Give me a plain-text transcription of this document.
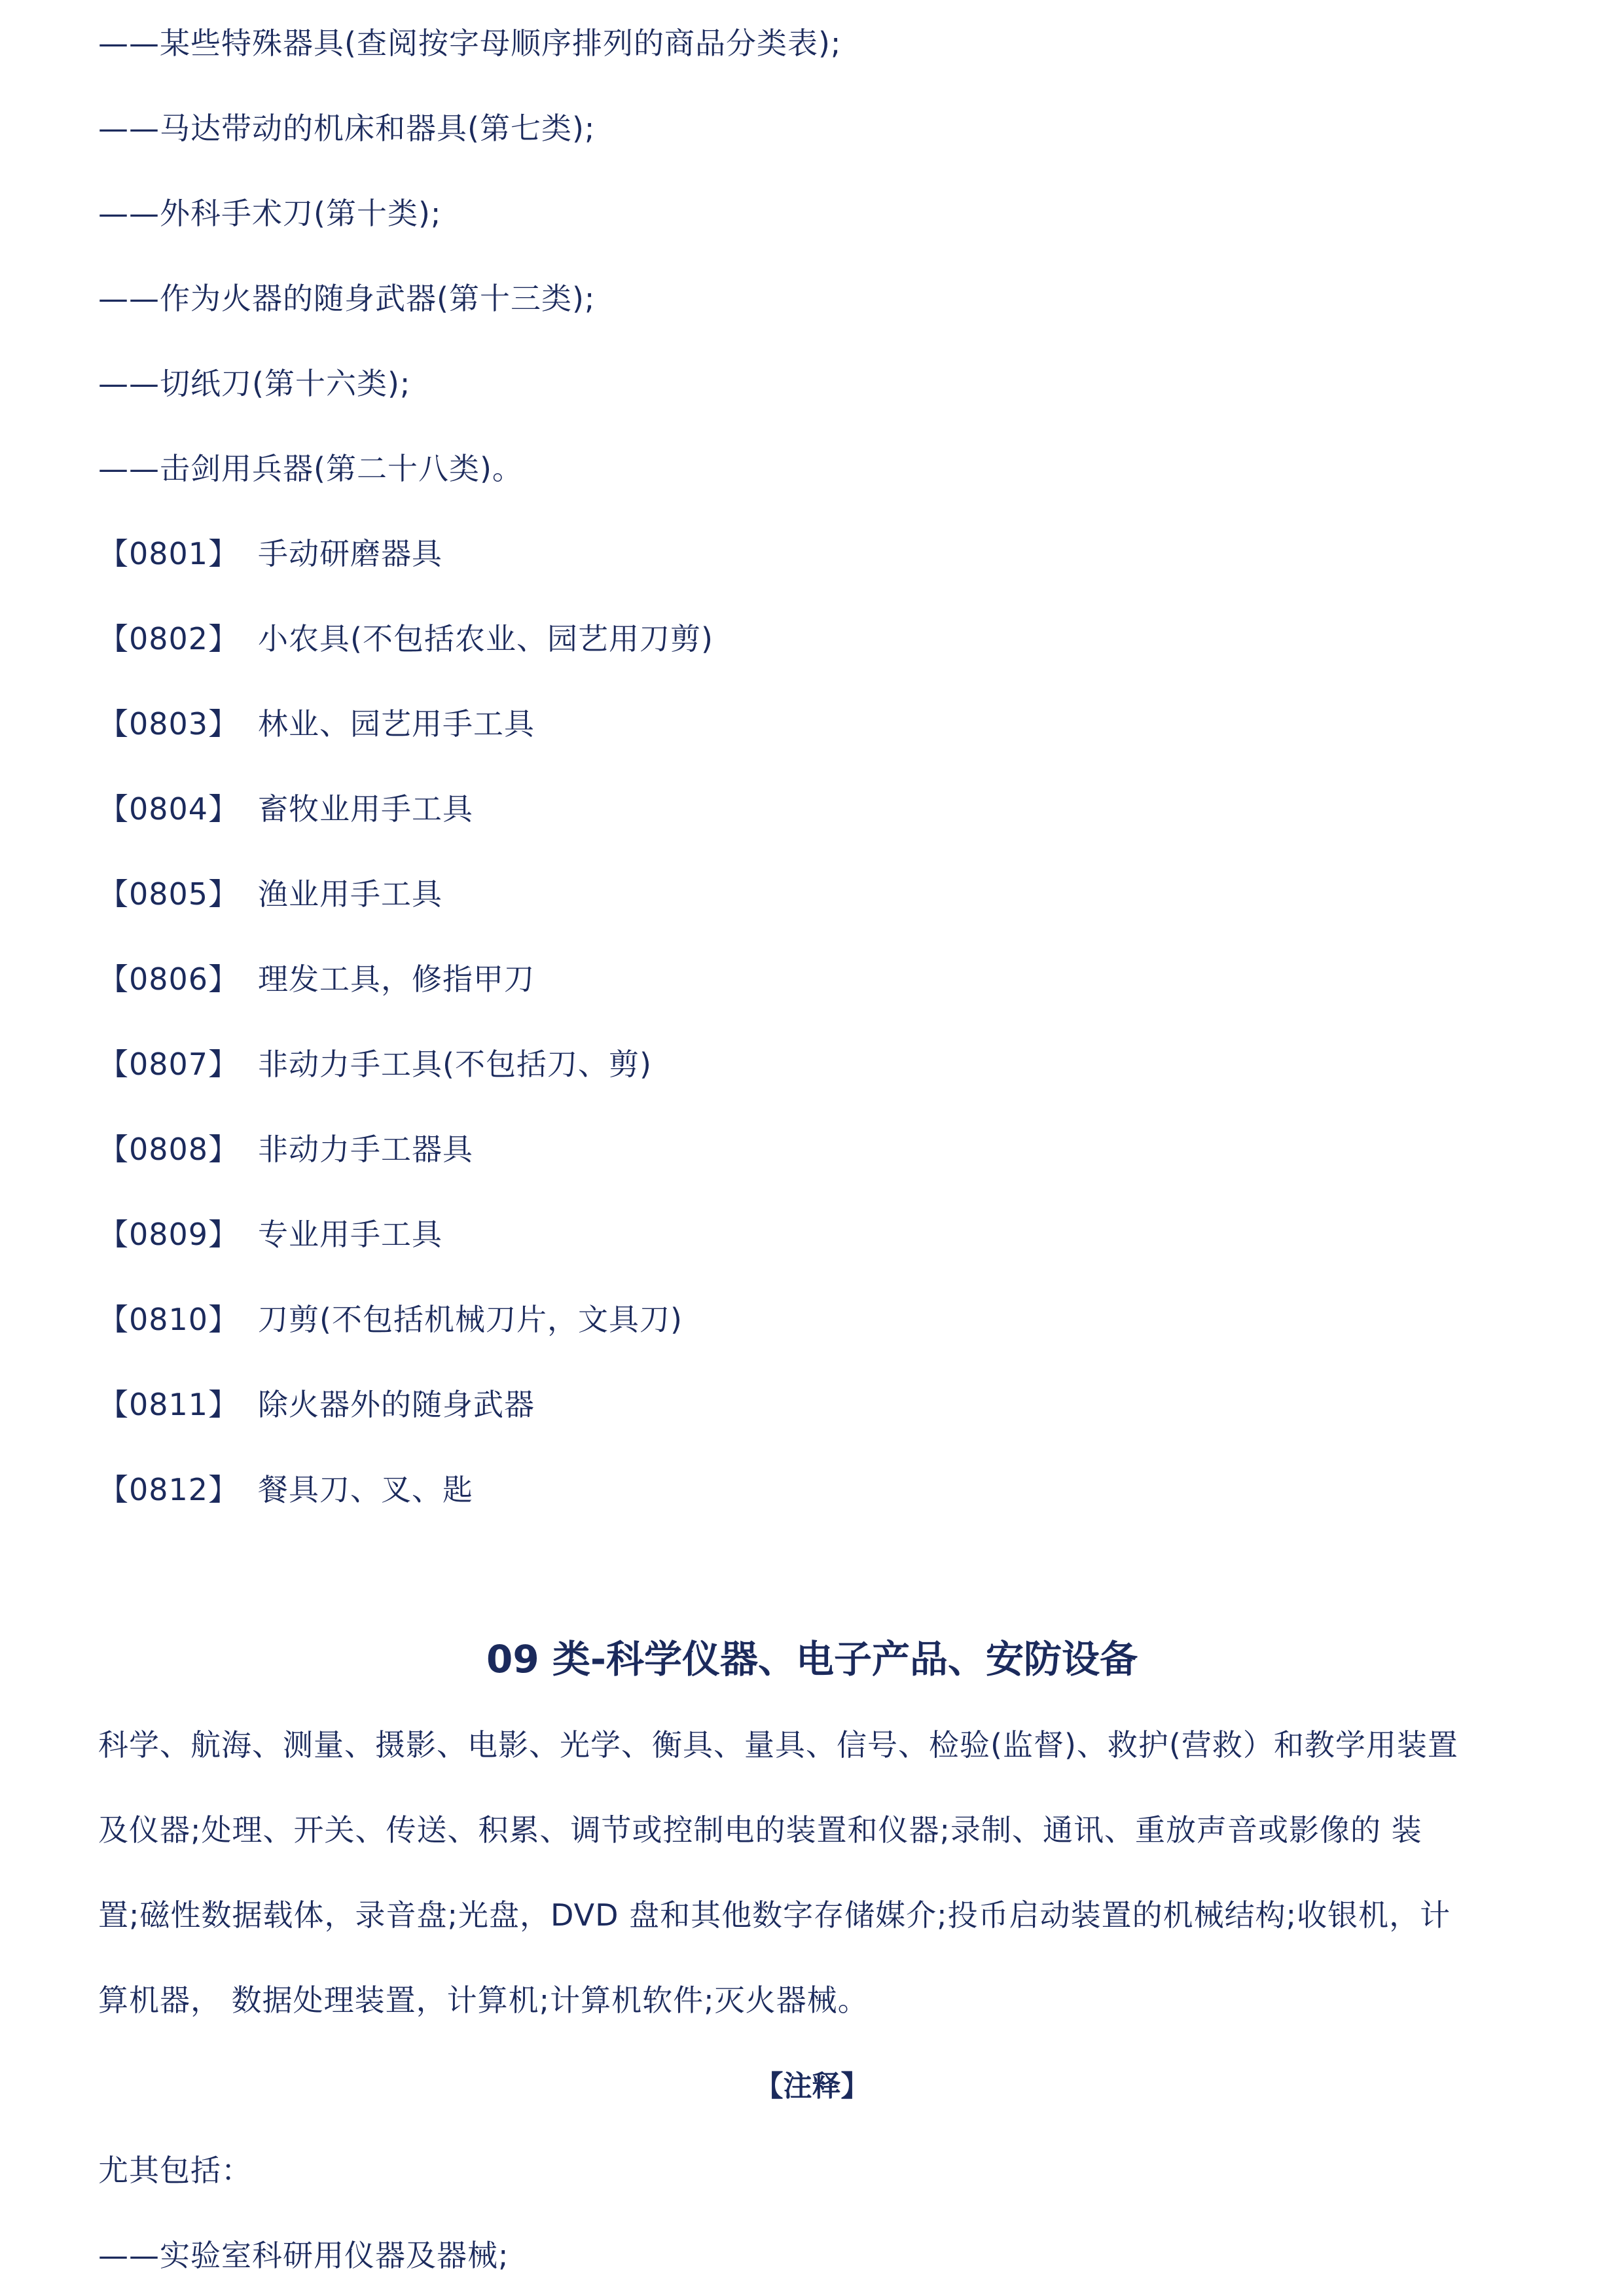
——某些特殊器具(查阅按字母顺序排列的商品分类表);
——马达带动的机床和器具(第七类);
——外科手术刀(第十类);
——作为火器的随身武器(第十三类);
——切纸刀(第十六类);
——击剑用兵器(第二十八类)。
【0801】 手动研磨器具
【0802】 小农具(不包括农业、园艺用刀剪)
【0803】 林业、园艺用手工具
【0804】 畜牧业用手工具
【0805】 渔业用手工具
【0806】 理发工具，修指甲刀
【0807】 非动力手工具(不包括刀、剪)
【0808】 非动力手工器具
【0809】 专业用手工具
【0810】 刀剪(不包括机械刀片，文具刀)
【0811】 除火器外的随身武器
【0812】 餐具刀、叉、匙
09 类-科学仪器、电子产品、安防设备
科学、航海、测量、摄影、电影、光学、衡具、量具、信号、检验(监督)、救护(营救）和教学用装置
及仪器;处理、开关、传送、积累、调节或控制电的装置和仪器;录制、通讯、重放声音或影像的 装
置;磁性数据载体，录音盘;光盘，DVD 盘和其他数字存储媒介;投币启动装置的机械结构;收银机，计
算机器， 数据处理装置，计算机;计算机软件;灭火器械。
【注释】
尤其包括：
——实验室科研用仪器及器械;
